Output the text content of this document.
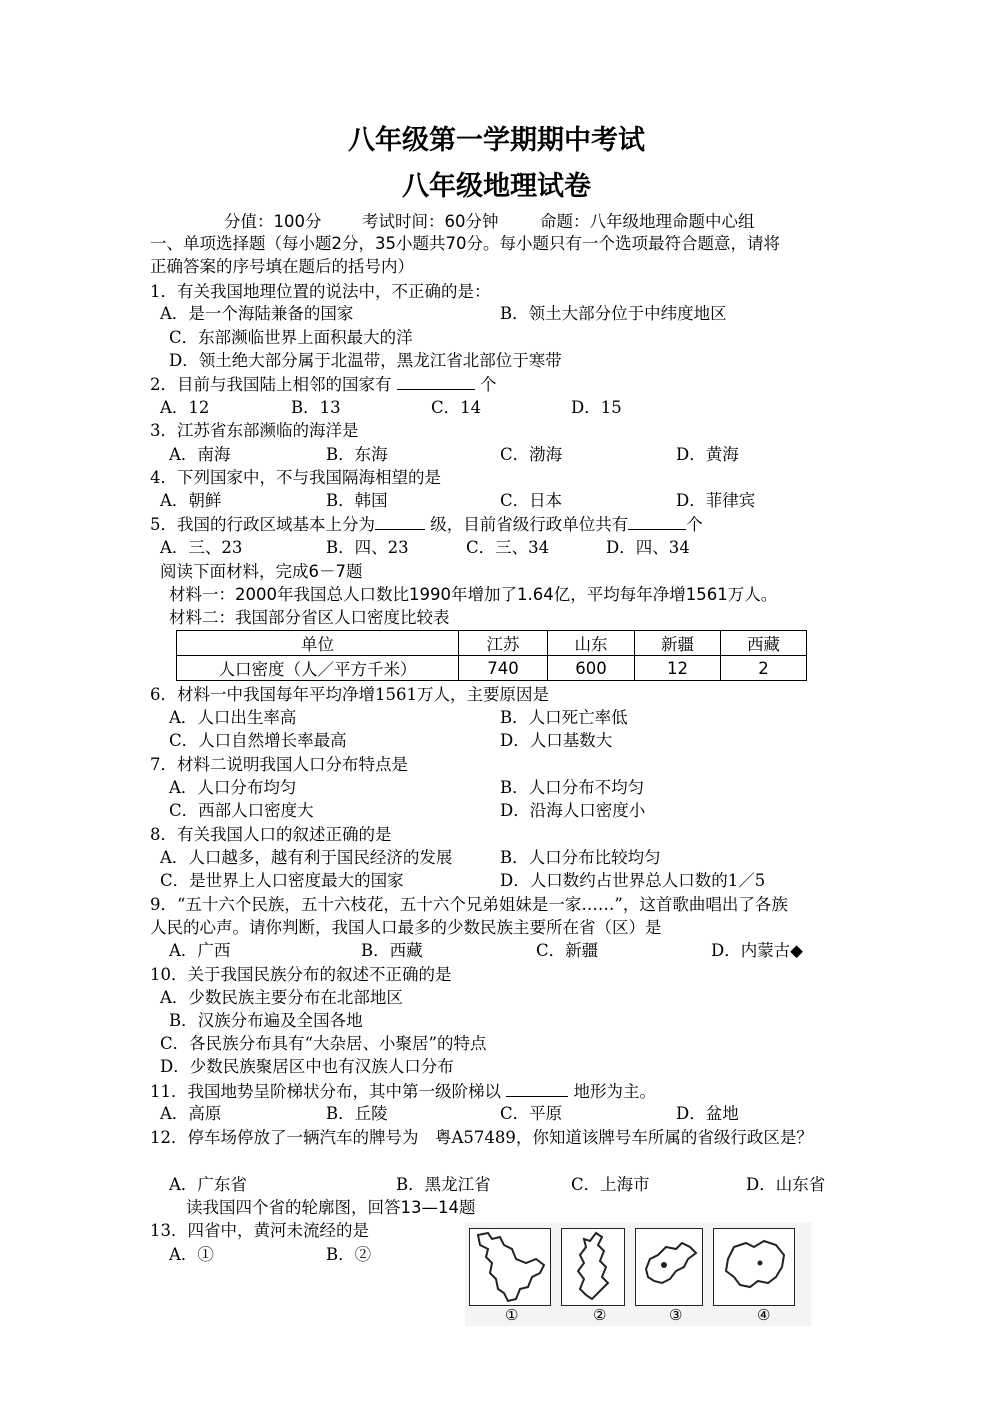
八年级第一学期期中考试
八年级地理试卷
分值：100分 考试时间：60分钟	命题：八年级地理命题中心组
一、单项选择题（每小题2分，35小题共70分。每小题只有一个选项最符合题意，请将
正确答案的序号填在题后的括号内）
1．有关我国地理位置的说法中，不正确的是：
A．是一个海陆兼备的国家	B．领土大部分位于中纬度地区
C．东部濒临世界上面积最大的洋
D．领土绝大部分属于北温带，黑龙江省北部位于寒带
2．目前与我国陆上相邻的国家有	个
A．12	B．13	C．14	D．15
3．江苏省东部濒临的海洋是
A．南海	B．东海	C．渤海	D．黄海
4．下列国家中，不与我国隔海相望的是
A．朝鲜	B．韩国	C．日本	D．菲律宾
5．我国的行政区域基本上分为	级，目前省级行政单位共有	个
A．三、23	B．四、23	C．三、34	D．四、34
阅读下面材料，完成6－7题
材料一：2000年我国总人口数比1990年增加了1.64亿，平均每年净增1561万人。
材料二：我国部分省区人口密度比较表
单位	江苏	山东	新疆	西藏
人口密度（人／平方千米）	740	600	12	2
6．材料一中我国每年平均净增1561万人，主要原因是
A．人口出生率高	B．人口死亡率低
C．人口自然增长率最高	D．人口基数大
7．材料二说明我国人口分布特点是
A．人口分布均匀	B．人口分布不均匀
C．西部人口密度大	D．沿海人口密度小
8．有关我国人口的叙述正确的是
A．人口越多，越有利于国民经济的发展	B．人口分布比较均匀
C．是世界上人口密度最大的国家	D．人口数约占世界总人口数的1／5
9．“五十六个民族，五十六枝花，五十六个兄弟姐妹是一家……”，这首歌曲唱出了各族
人民的心声。请你判断，我国人口最多的少数民族主要所在省（区）是
A．广西	B．西藏	C．新疆	D．内蒙古◆
10．关于我国民族分布的叙述不正确的是
A．少数民族主要分布在北部地区
B．汉族分布遍及全国各地
C．各民族分布具有“大杂居、小聚居”的特点
D．少数民族聚居区中也有汉族人口分布
11．我国地势呈阶梯状分布，其中第一级阶梯以	地形为主。
A．高原	B．丘陵	C．平原	D．盆地
12．停车场停放了一辆汽车的牌号为　粤A57489，你知道该牌号车所属的省级行政区是？
A．广东省	B．黑龙江省	C．上海市	D．山东省
读我国四个省的轮廓图，回答13—14题
13．四省中，黄河未流经的是
A．①	B．②
①	②	③	④
